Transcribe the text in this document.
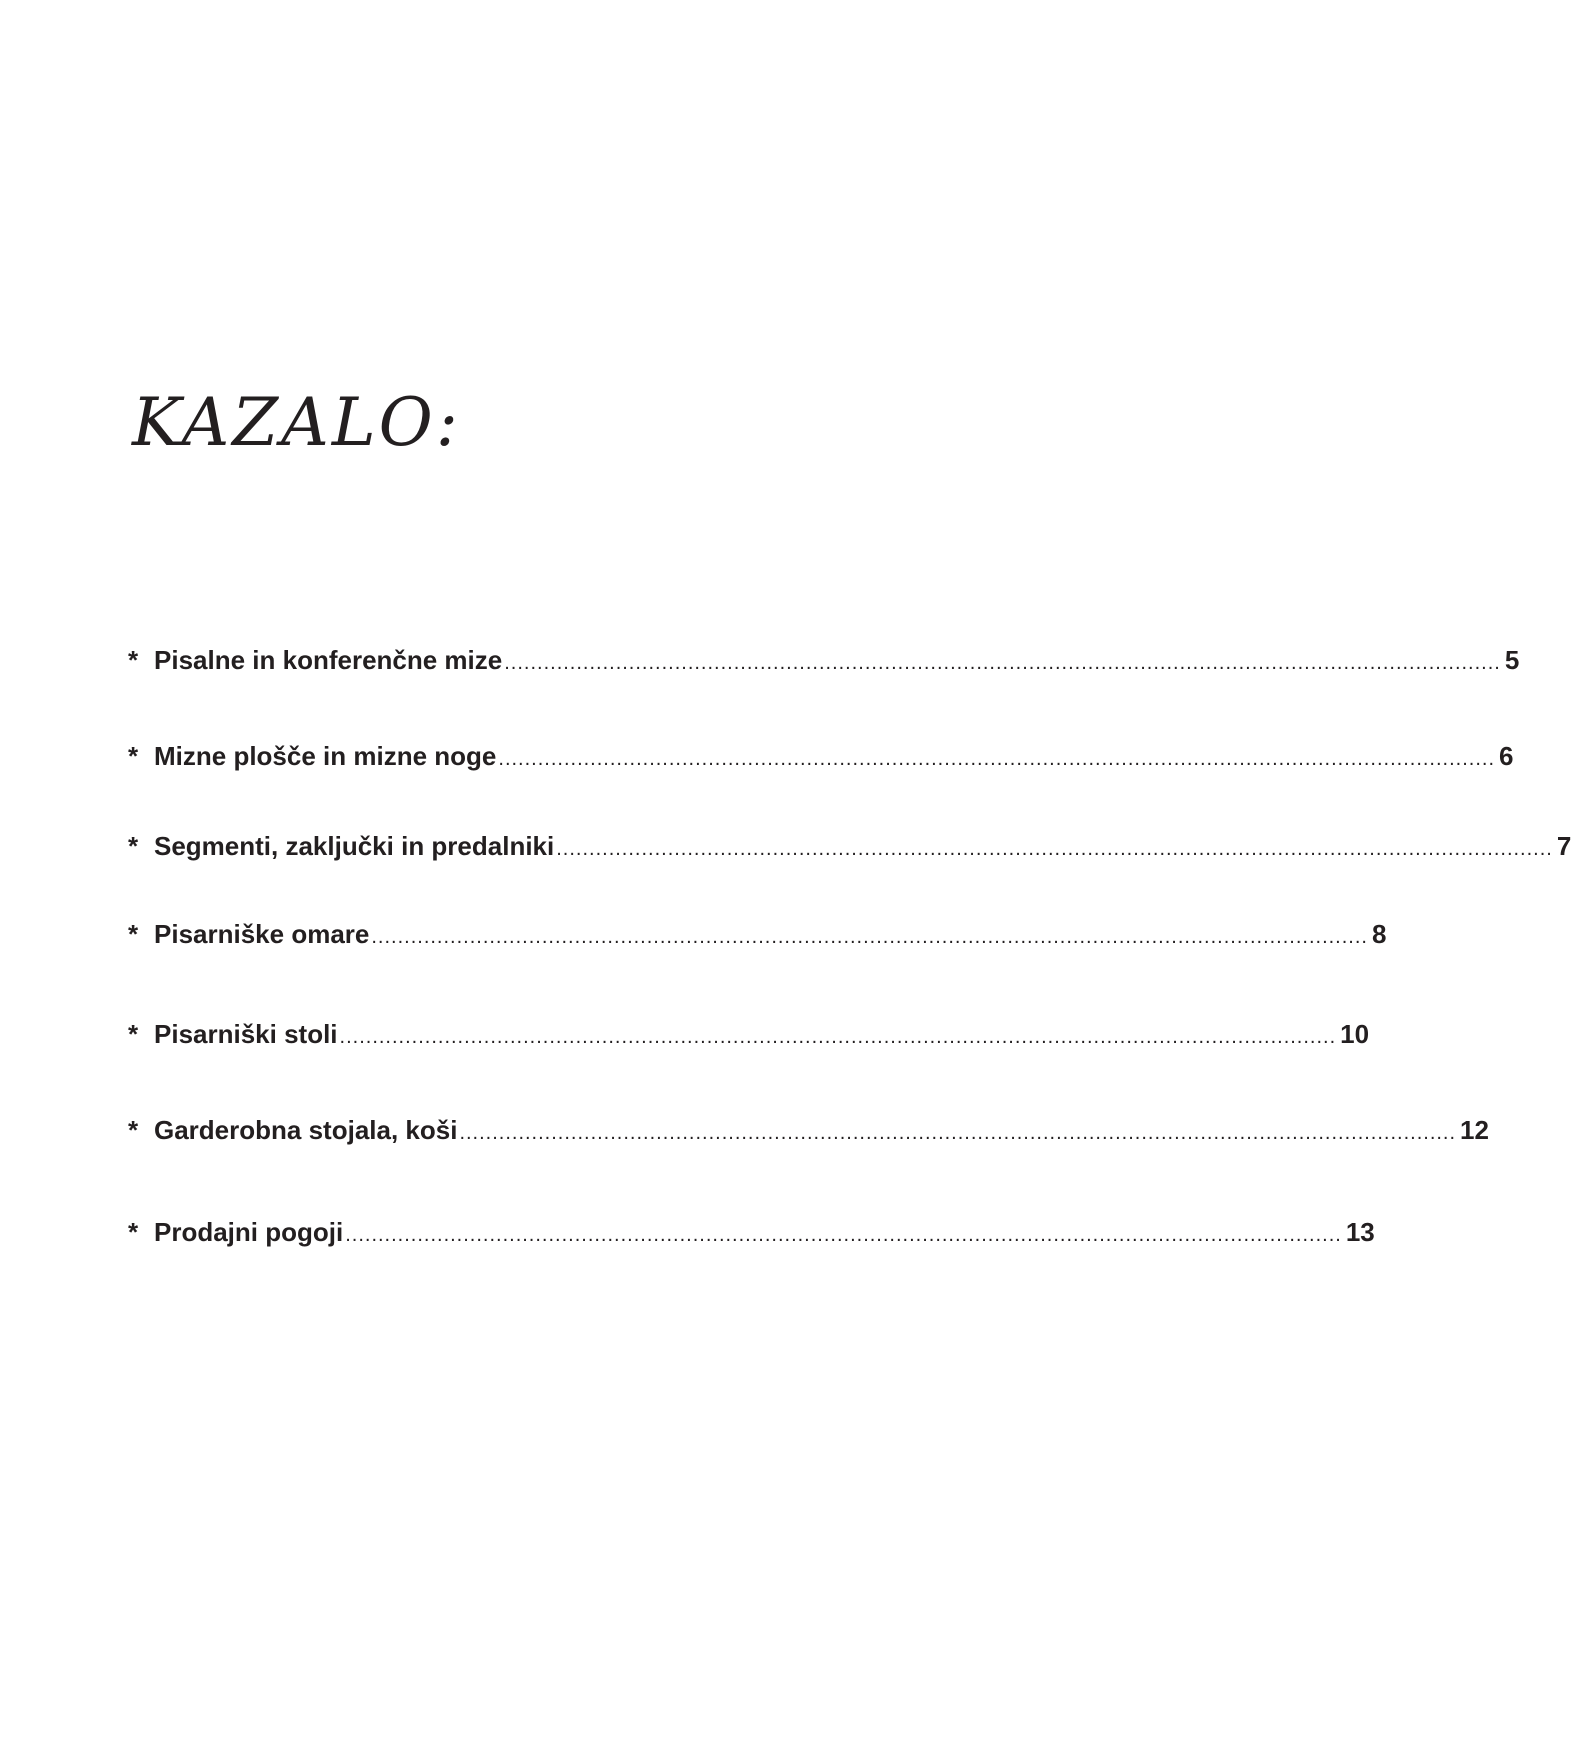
KAZALO:
* Pisalne in konferenčne mize ........................................................................................................................................................ 5
* Mizne plošče in mizne noge ........................................................................................................................................................ 6
* Segmenti, zaključki in predalniki ........................................................................................................................................................ 7
* Pisarniške omare ........................................................................................................................................................ 8
* Pisarniški stoli ........................................................................................................................................................ 10
* Garderobna stojala, koši ........................................................................................................................................................ 12
* Prodajni pogoji ........................................................................................................................................................ 13
